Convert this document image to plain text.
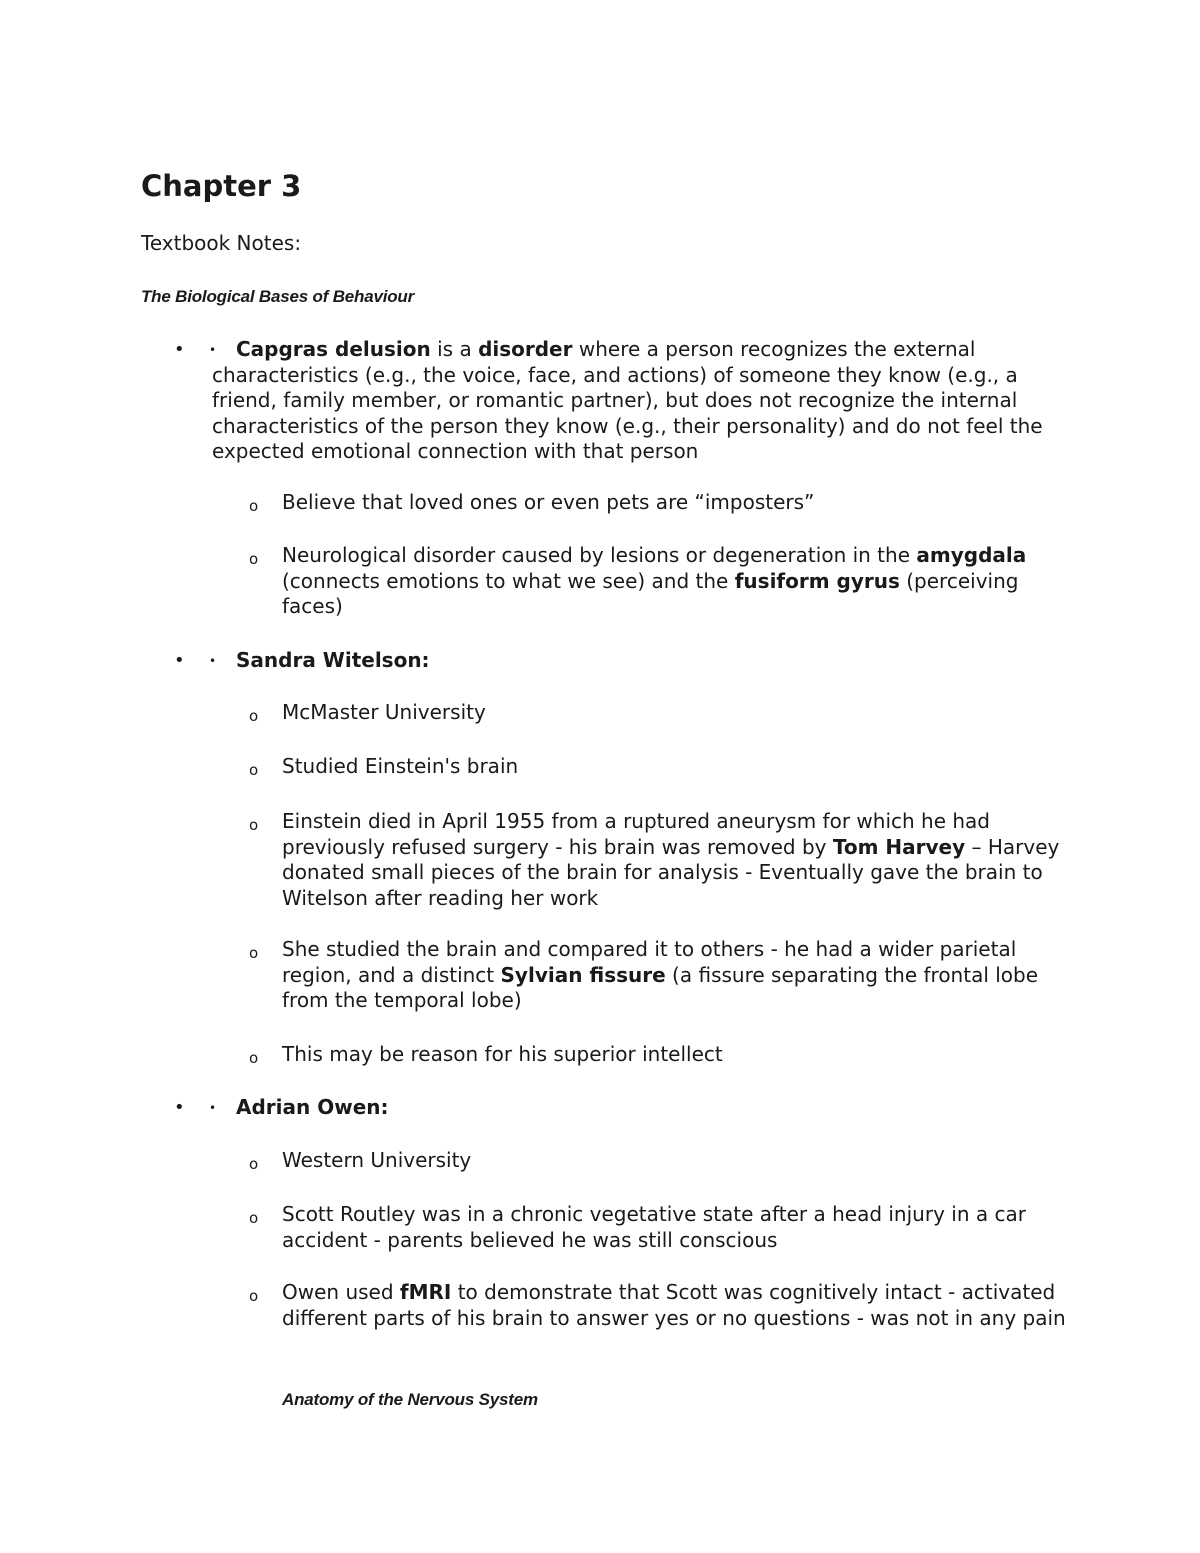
Chapter 3
Textbook Notes:
The Biological Bases of Behaviour
• • Capgras delusion is a disorder where a person recognizes the external characteristics (e.g., the voice, face, and actions) of someone they know (e.g., a friend, family member, or romantic partner), but does not recognize the internal characteristics of the person they know (e.g., their personality) and do not feel the expected emotional connection with that person
o Believe that loved ones or even pets are “imposters”
o Neurological disorder caused by lesions or degeneration in the amygdala (connects emotions to what we see) and the fusiform gyrus (perceiving faces)
• • Sandra Witelson:
o McMaster University
o Studied Einstein's brain
o Einstein died in April 1955 from a ruptured aneurysm for which he had previously refused surgery - his brain was removed by Tom Harvey – Harvey donated small pieces of the brain for analysis - Eventually gave the brain to Witelson after reading her work
o She studied the brain and compared it to others - he had a wider parietal region, and a distinct Sylvian fissure (a fissure separating the frontal lobe from the temporal lobe)
o This may be reason for his superior intellect
• • Adrian Owen:
o Western University
o Scott Routley was in a chronic vegetative state after a head injury in a car accident - parents believed he was still conscious
o Owen used fMRI to demonstrate that Scott was cognitively intact - activated different parts of his brain to answer yes or no questions - was not in any pain
Anatomy of the Nervous System
